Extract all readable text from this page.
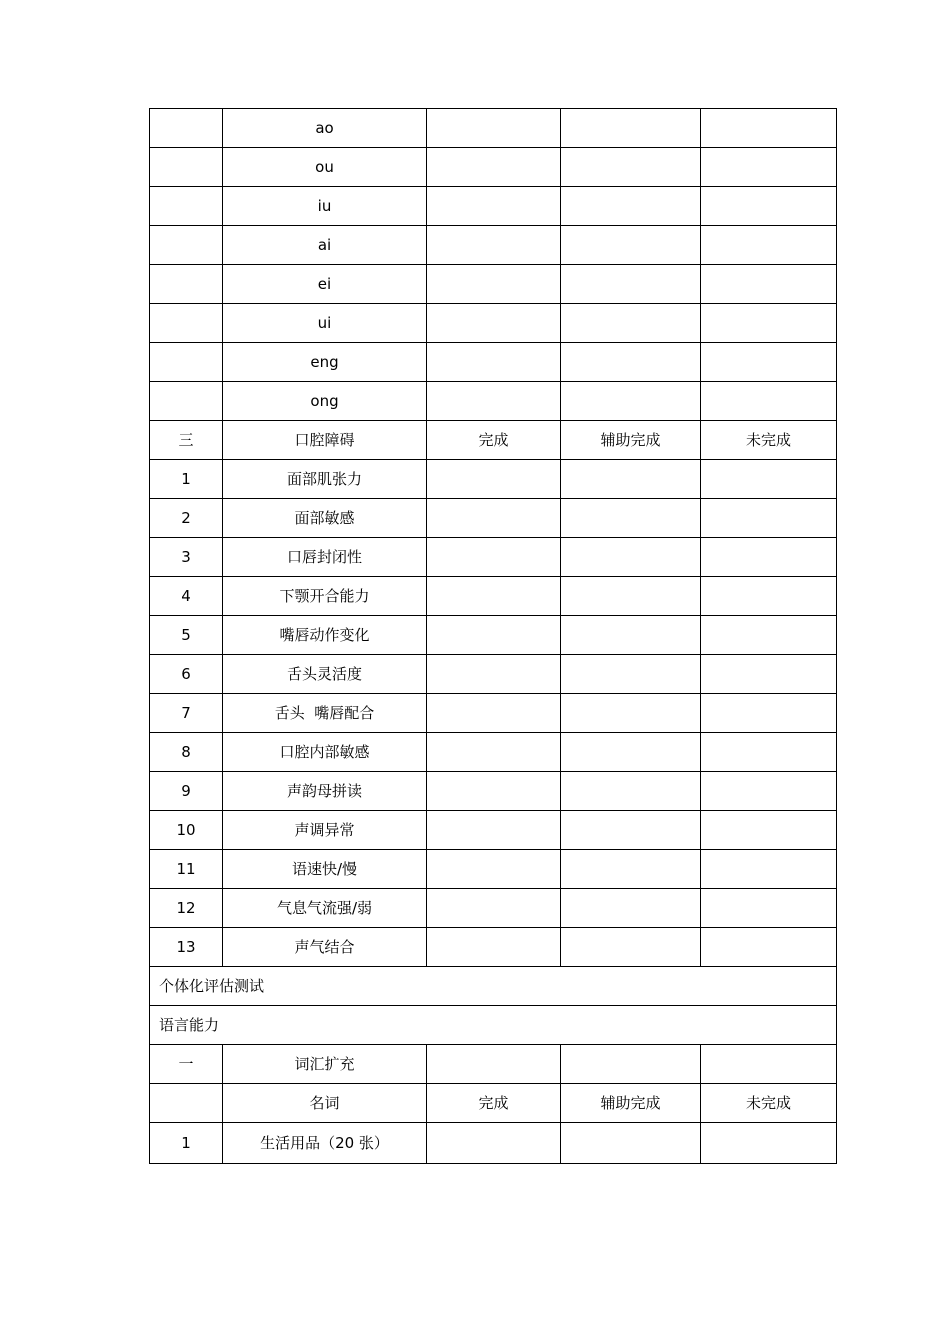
	ao			
	ou			
	iu			
	ai			
	ei			
	ui			
	eng			
	ong			
三	口腔障碍	完成	辅助完成	未完成
1	面部肌张力			
2	面部敏感			
3	口唇封闭性			
4	下颚开合能力			
5	嘴唇动作变化			
6	舌头灵活度			
7	舌头  嘴唇配合			
8	口腔内部敏感			
9	声韵母拼读			
10	声调异常			
11	语速快/慢			
12	气息气流强/弱			
13	声气结合			
个体化评估测试				
语言能力				
一	词汇扩充			
	名词	完成	辅助完成	未完成
1	生活用品（20 张）			
